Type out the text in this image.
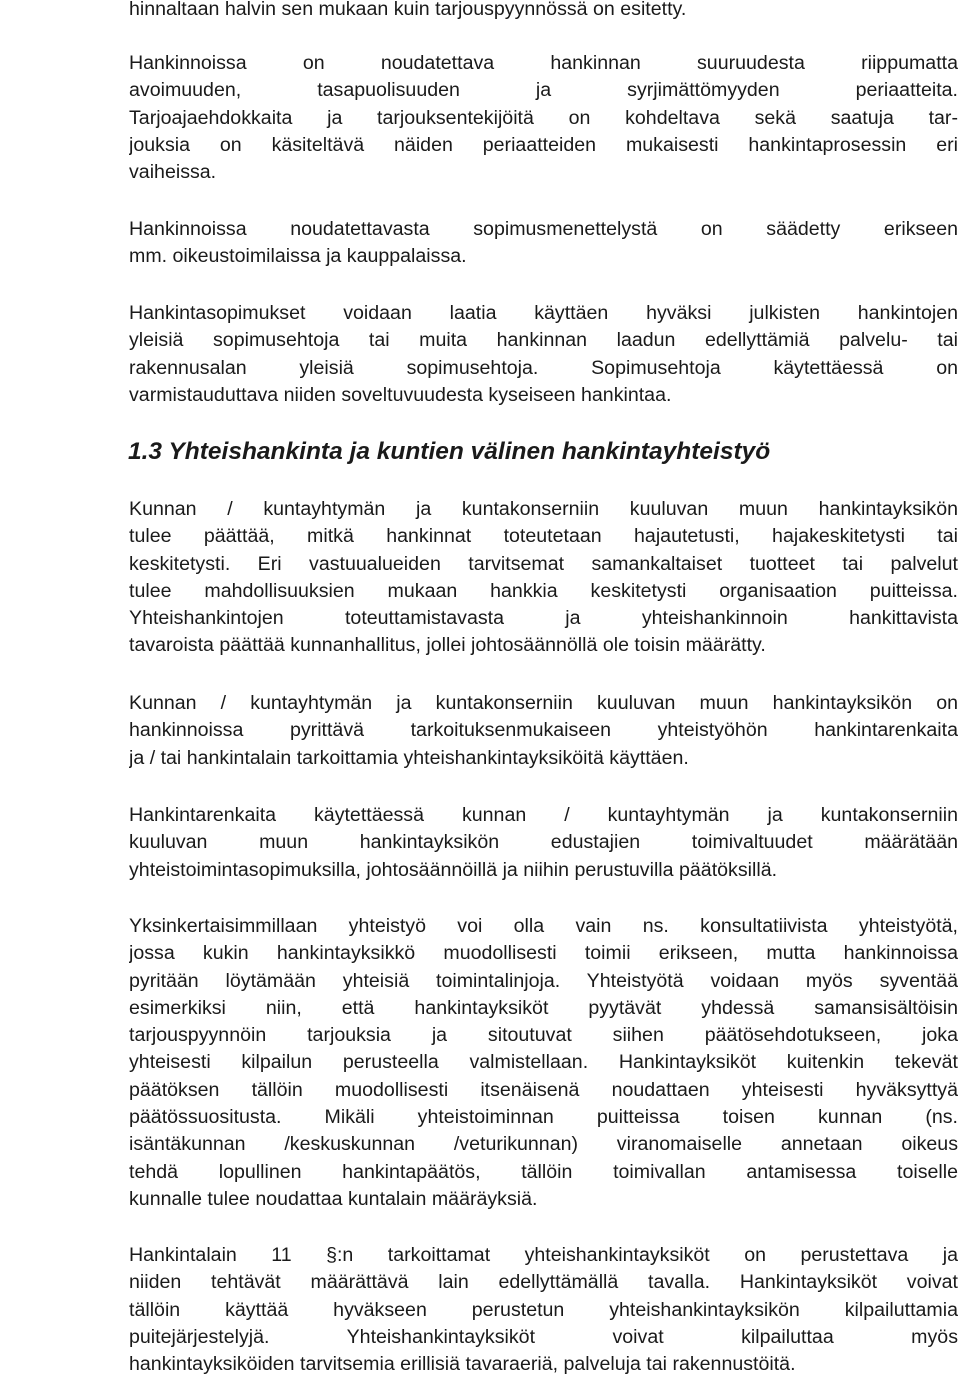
hinnaltaan halvin sen mukaan kuin tarjouspyynnössä on esitetty.
Hankinnoissa on noudatettava hankinnan suuruudesta riippumatta
avoimuuden, tasapuolisuuden ja syrjimättömyyden periaatteita.
Tarjoajaehdokkaita ja tarjouksentekijöitä on kohdeltava sekä saatuja tar-
jouksia on käsiteltävä näiden periaatteiden mukaisesti hankintaprosessin eri
vaiheissa.
Hankinnoissa noudatettavasta sopimusmenettelystä on säädetty erikseen
mm. oikeustoimilaissa ja kauppalaissa.
Hankintasopimukset voidaan laatia käyttäen hyväksi julkisten hankintojen
yleisiä sopimusehtoja tai muita hankinnan laadun edellyttämiä palvelu- tai
rakennusalan yleisiä sopimusehtoja. Sopimusehtoja käytettäessä on
varmistauduttava niiden soveltuvuudesta kyseiseen hankintaa.
1.3 Yhteishankinta ja kuntien välinen hankintayhteistyö
Kunnan / kuntayhtymän ja kuntakonserniin kuuluvan muun hankintayksikön
tulee päättää, mitkä hankinnat toteutetaan hajautetusti, hajakeskitetysti tai
keskitetysti. Eri vastuualueiden tarvitsemat samankaltaiset tuotteet tai palvelut
tulee mahdollisuuksien mukaan hankkia keskitetysti organisaation puitteissa.
Yhteishankintojen toteuttamistavasta ja yhteishankinnoin hankittavista
tavaroista päättää kunnanhallitus, jollei johtosäännöllä ole toisin määrätty.
Kunnan / kuntayhtymän ja kuntakonserniin kuuluvan muun hankintayksikön on
hankinnoissa pyrittävä tarkoituksenmukaiseen yhteistyöhön hankintarenkaita
ja / tai hankintalain tarkoittamia yhteishankintayksiköitä käyttäen.
Hankintarenkaita käytettäessä kunnan / kuntayhtymän ja kuntakonserniin
kuuluvan muun hankintayksikön edustajien toimivaltuudet määrätään
yhteistoimintasopimuksilla, johtosäännöillä ja niihin perustuvilla päätöksillä.
Yksinkertaisimmillaan yhteistyö voi olla vain ns. konsultatiivista yhteistyötä,
jossa kukin hankintayksikkö muodollisesti toimii erikseen, mutta hankinnoissa
pyritään löytämään yhteisiä toimintalinjoja. Yhteistyötä voidaan myös syventää
esimerkiksi niin, että hankintayksiköt pyytävät yhdessä samansisältöisin
tarjouspyynnöin tarjouksia ja sitoutuvat siihen päätösehdotukseen, joka
yhteisesti kilpailun perusteella valmistellaan. Hankintayksiköt kuitenkin tekevät
päätöksen tällöin muodollisesti itsenäisenä noudattaen yhteisesti hyväksyttyä
päätössuositusta. Mikäli yhteistoiminnan puitteissa toisen kunnan (ns.
isäntäkunnan /keskuskunnan /veturikunnan) viranomaiselle annetaan oikeus
tehdä lopullinen hankintapäätös, tällöin toimivallan antamisessa toiselle
kunnalle tulee noudattaa kuntalain määräyksiä.
Hankintalain 11 §:n tarkoittamat yhteishankintayksiköt on perustettava ja
niiden tehtävät määrättävä lain edellyttämällä tavalla. Hankintayksiköt voivat
tällöin käyttää hyväkseen perustetun yhteishankintayksikön kilpailuttamia
puitejärjestelyjä. Yhteishankintayksiköt voivat kilpailuttaa myös
hankintayksiköiden tarvitsemia erillisiä tavaraeriä, palveluja tai rakennustöitä.
